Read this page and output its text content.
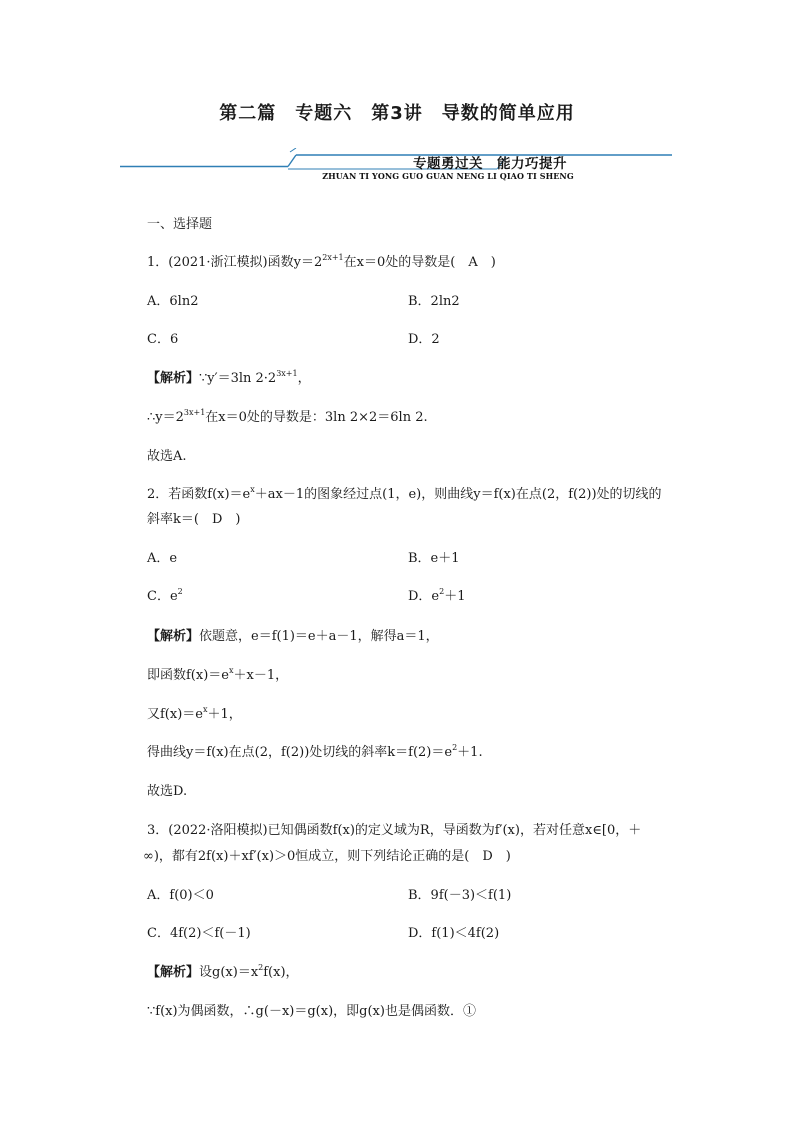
第二篇　专题六　第3讲　导数的简单应用
专题勇过关　能力巧提升
ZHUAN TI YONG GUO GUAN NENG LI QIAO TI SHENG
一、选择题
1．(2021·浙江模拟)函数$y=2^{2x+1}$在x＝0处的导数是(　A　)
A．6ln2	B．2ln2
C．6	D．2
【解析】∵y′＝3ln $2\cdot 2^{3x+1}$，
$\therefore y=2^{3x+1}$在x＝0处的导数是：3ln 2×2＝6ln 2.
故选A.
2．若函数$f(x)=e^x+ax-1$的图象经过点(1，e)，则曲线y＝f(x)在点(2，f(2))处的切线的
斜率k＝(　D　)
A．e	B．e＋1
C．$e^2$	D．$e^2+1$
【解析】依题意，e＝f(1)＝e＋a－1，解得a＝1，
即函数$f(x)=e^x+x-1$，
又$f(x)=e^x+1$，
得曲线y＝f(x)在点(2，f(2))处切线的斜率$k=f(2)=e^2+1$.
故选D.
3．(2022·洛阳模拟)已知偶函数f(x)的定义域为R，导函数为f′(x)，若对任意x∈[0，＋
∞)，都有2f(x)＋xf′(x)＞0恒成立，则下列结论正确的是(　D　)
A．f(0)＜0	B．9f(－3)＜f(1)
C．4f(2)＜f(－1)	D．f(1)＜4f(2)
【解析】设$g(x)=x^2f(x)$，
∵f(x)为偶函数，∴g(－x)＝g(x)，即g(x)也是偶函数．①
